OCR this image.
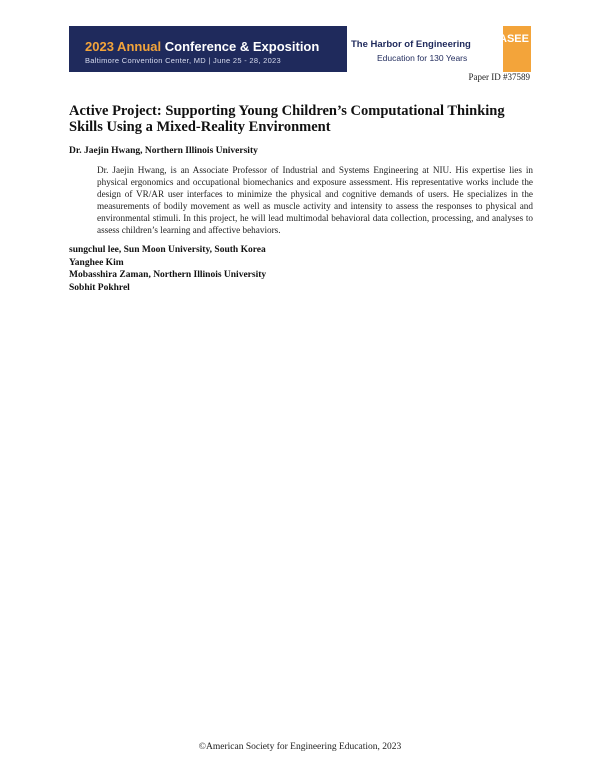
2023 Annual Conference & Exposition
Baltimore Convention Center, MD | June 25 - 28, 2023
The Harbor of Engineering
Education for 130 Years
☀ASEE
Paper ID #37589
Active Project: Supporting Young Children’s Computational Thinking Skills Using a Mixed-Reality Environment
Dr. Jaejin Hwang, Northern Illinois University

Dr. Jaejin Hwang, is an Associate Professor of Industrial and Systems Engineering at NIU. His expertise lies in physical ergonomics and occupational biomechanics and exposure assessment. His representative works include the design of VR/AR user interfaces to minimize the physical and cognitive demands of users. He specializes in the measurements of bodily movement as well as muscle activity and intensity to assess the responses to physical and environmental stimuli. In this project, he will lead multimodal behavioral data collection, processing, and analyses to assess children’s learning and affective behaviors.

sungchul lee, Sun Moon University, South Korea
Yanghee Kim
Mobasshira Zaman, Northern Illinois University
Sobhit Pokhrel
©American Society for Engineering Education, 2023
